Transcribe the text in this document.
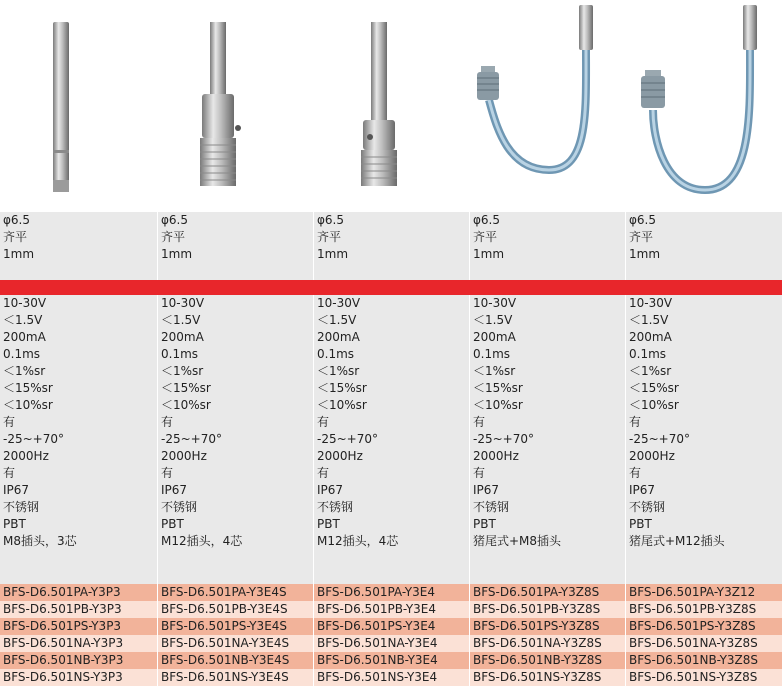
φ6.5	φ6.5	φ6.5	φ6.5	φ6.5
齐平	齐平	齐平	齐平	齐平
1mm	1mm	1mm	1mm	1mm
10-30V	10-30V	10-30V	10-30V	10-30V
＜1.5V	＜1.5V	＜1.5V	＜1.5V	＜1.5V
200mA	200mA	200mA	200mA	200mA
0.1ms	0.1ms	0.1ms	0.1ms	0.1ms
＜1%sr	＜1%sr	＜1%sr	＜1%sr	＜1%sr
＜15%sr	＜15%sr	＜15%sr	＜15%sr	＜15%sr
＜10%sr	＜10%sr	＜10%sr	＜10%sr	＜10%sr
有	有	有	有	有
-25~+70°	-25~+70°	-25~+70°	-25~+70°	-25~+70°
2000Hz	2000Hz	2000Hz	2000Hz	2000Hz
有	有	有	有	有
IP67	IP67	IP67	IP67	IP67
不锈钢	不锈钢	不锈钢	不锈钢	不锈钢
PBT	PBT	PBT	PBT	PBT
M8插头，3芯	M12插头，4芯	M12插头，4芯	猪尾式+M8插头	猪尾式+M12插头
BFS-D6.501PA-Y3P3	BFS-D6.501PA-Y3E4S	BFS-D6.501PA-Y3E4	BFS-D6.501PA-Y3Z8S	BFS-D6.501PA-Y3Z12
BFS-D6.501PB-Y3P3	BFS-D6.501PB-Y3E4S	BFS-D6.501PB-Y3E4	BFS-D6.501PB-Y3Z8S	BFS-D6.501PB-Y3Z8S
BFS-D6.501PS-Y3P3	BFS-D6.501PS-Y3E4S	BFS-D6.501PS-Y3E4	BFS-D6.501PS-Y3Z8S	BFS-D6.501PS-Y3Z8S
BFS-D6.501NA-Y3P3	BFS-D6.501NA-Y3E4S	BFS-D6.501NA-Y3E4	BFS-D6.501NA-Y3Z8S	BFS-D6.501NA-Y3Z8S
BFS-D6.501NB-Y3P3	BFS-D6.501NB-Y3E4S	BFS-D6.501NB-Y3E4	BFS-D6.501NB-Y3Z8S	BFS-D6.501NB-Y3Z8S
BFS-D6.501NS-Y3P3	BFS-D6.501NS-Y3E4S	BFS-D6.501NS-Y3E4	BFS-D6.501NS-Y3Z8S	BFS-D6.501NS-Y3Z8S
